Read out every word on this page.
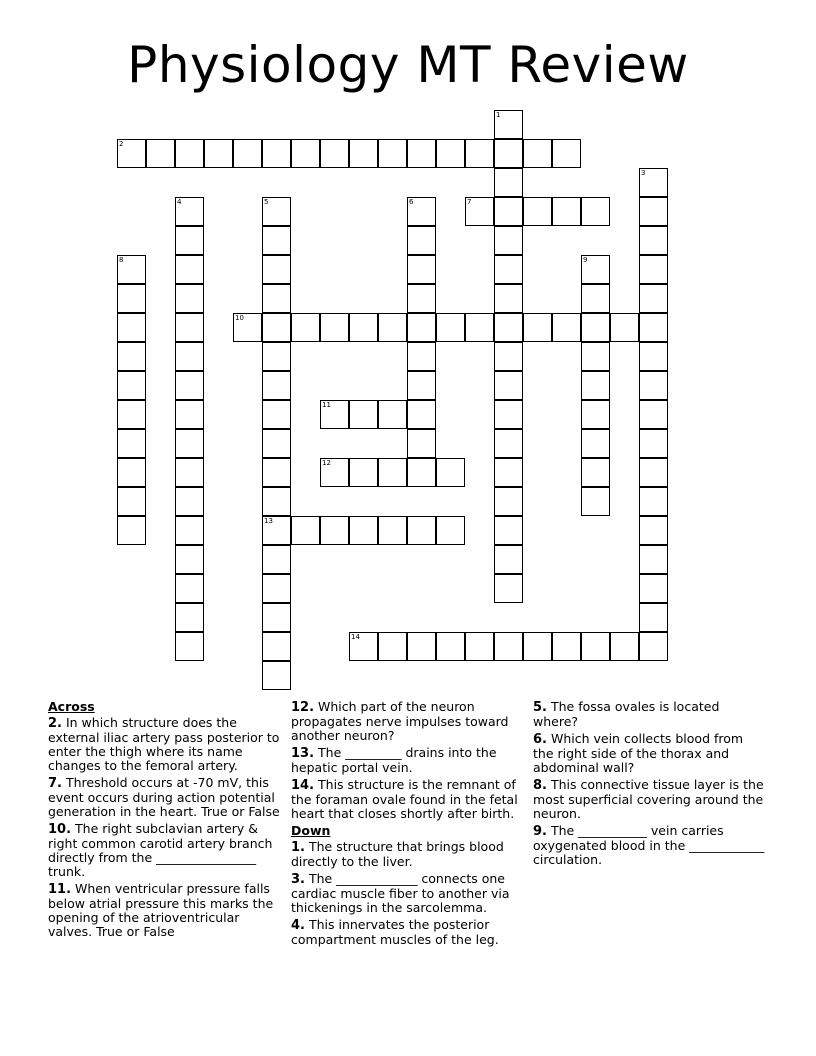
Physiology MT Review
1
2
3
4	5
13
6	7
8	9
10
11
12
14
Across
2. In which structure does the external iliac artery pass posterior to enter the thigh where its name changes to the femoral artery.
7. Threshold occurs at -70 mV, this event occurs during action potential generation in the heart. True or False
10. The right subclavian artery & right common carotid artery branch directly from the ________________ trunk.
11. When ventricular pressure falls below atrial pressure this marks the opening of the atrioventricular valves. True or False
12. Which part of the neuron propagates nerve impulses toward another neuron?
13. The _________ drains into the hepatic portal vein.
14. This structure is the remnant of the foraman ovale found in the fetal heart that closes shortly after birth.
Down
1. The structure that brings blood directly to the liver.
3. The _____________ connects one cardiac muscle fiber to another via thickenings in the sarcolemma.
4. This innervates the posterior compartment muscles of the leg.
5. The fossa ovales is located where?
6. Which vein collects blood from the right side of the thorax and abdominal wall?
8. This connective tissue layer is the most superficial covering around the neuron.
9. The ___________ vein carries oxygenated blood in the ____________ circulation.
